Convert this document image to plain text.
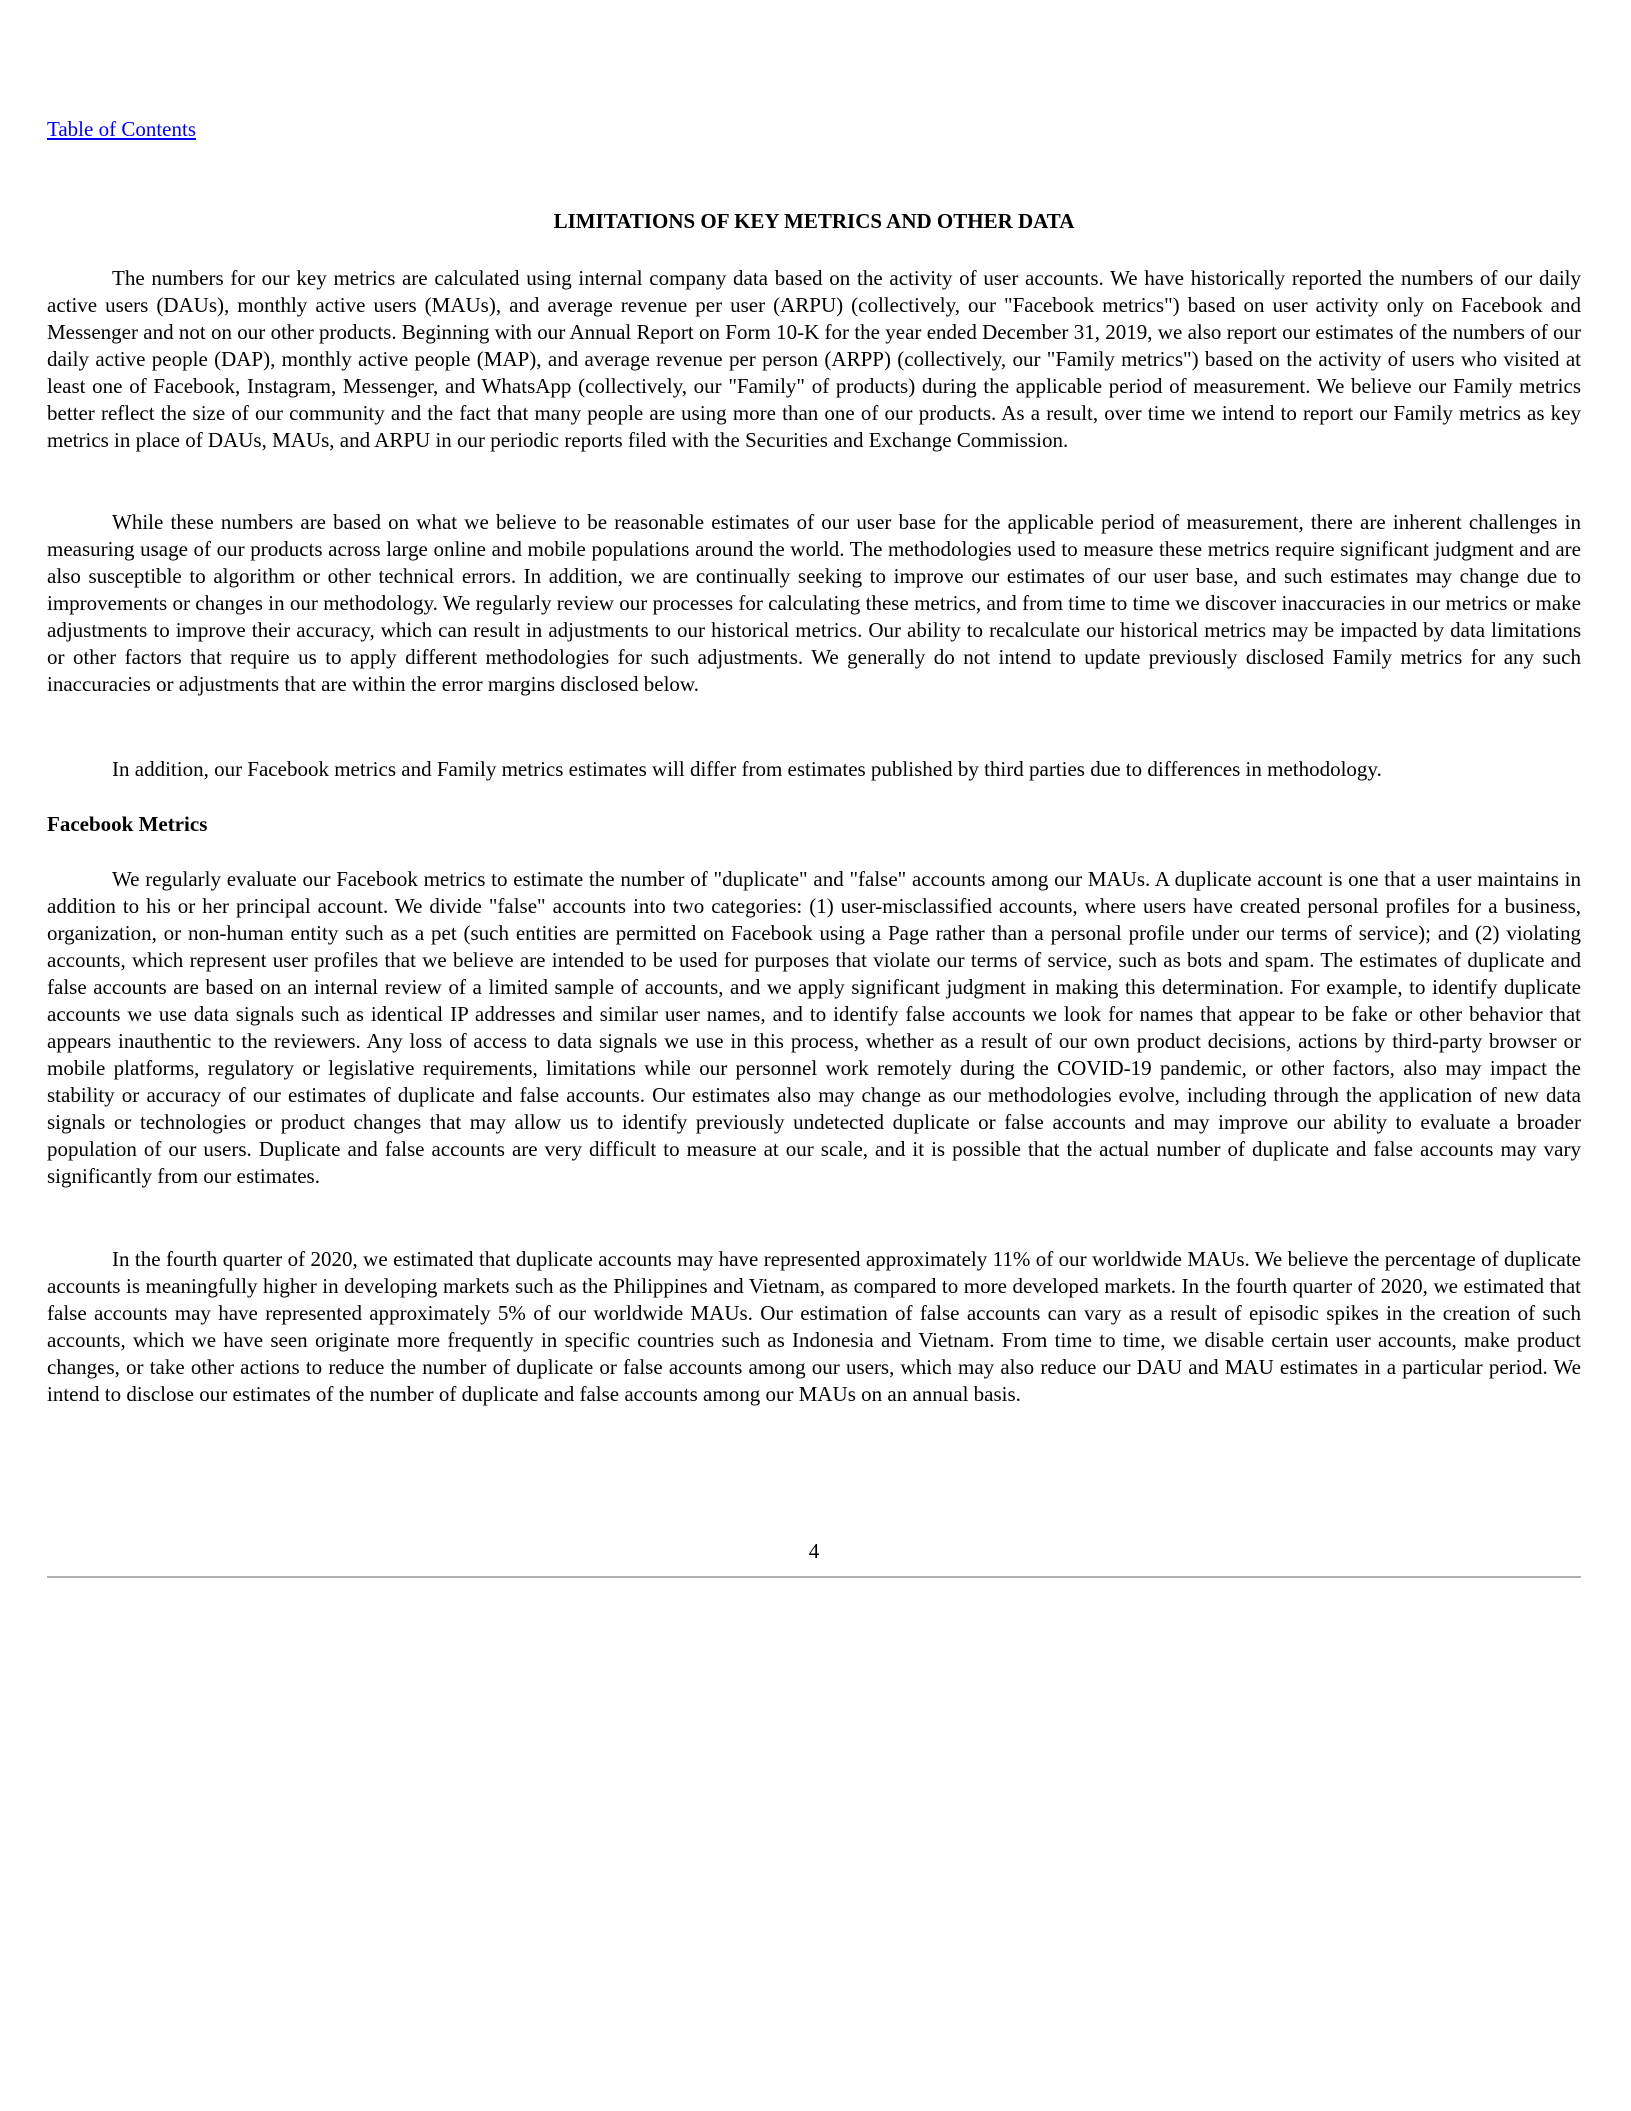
Table of Contents
LIMITATIONS OF KEY METRICS AND OTHER DATA

The numbers for our key metrics are calculated using internal company data based on the activity of user accounts. We have historically reported the numbers of our daily active users (DAUs), monthly active users (MAUs), and average revenue per user (ARPU) (collectively, our "Facebook metrics") based on user activity only on Facebook and Messenger and not on our other products. Beginning with our Annual Report on Form 10-K for the year ended December 31, 2019, we also report our estimates of the numbers of our daily active people (DAP), monthly active people (MAP), and average revenue per person (ARPP) (collectively, our "Family metrics") based on the activity of users who visited at least one of Facebook, Instagram, Messenger, and WhatsApp (collectively, our "Family" of products) during the applicable period of measurement. We believe our Family metrics better reflect the size of our community and the fact that many people are using more than one of our products. As a result, over time we intend to report our Family metrics as key metrics in place of DAUs, MAUs, and ARPU in our periodic reports filed with the Securities and Exchange Commission.

While these numbers are based on what we believe to be reasonable estimates of our user base for the applicable period of measurement, there are inherent challenges in measuring usage of our products across large online and mobile populations around the world. The methodologies used to measure these metrics require significant judgment and are also susceptible to algorithm or other technical errors. In addition, we are continually seeking to improve our estimates of our user base, and such estimates may change due to improvements or changes in our methodology. We regularly review our processes for calculating these metrics, and from time to time we discover inaccuracies in our metrics or make adjustments to improve their accuracy, which can result in adjustments to our historical metrics. Our ability to recalculate our historical metrics may be impacted by data limitations or other factors that require us to apply different methodologies for such adjustments. We generally do not intend to update previously disclosed Family metrics for any such inaccuracies or adjustments that are within the error margins disclosed below.

In addition, our Facebook metrics and Family metrics estimates will differ from estimates published by third parties due to differences in methodology.

Facebook Metrics

We regularly evaluate our Facebook metrics to estimate the number of "duplicate" and "false" accounts among our MAUs. A duplicate account is one that a user maintains in addition to his or her principal account. We divide "false" accounts into two categories: (1) user-misclassified accounts, where users have created personal profiles for a business, organization, or non-human entity such as a pet (such entities are permitted on Facebook using a Page rather than a personal profile under our terms of service); and (2) violating accounts, which represent user profiles that we believe are intended to be used for purposes that violate our terms of service, such as bots and spam. The estimates of duplicate and false accounts are based on an internal review of a limited sample of accounts, and we apply significant judgment in making this determination. For example, to identify duplicate accounts we use data signals such as identical IP addresses and similar user names, and to identify false accounts we look for names that appear to be fake or other behavior that appears inauthentic to the reviewers. Any loss of access to data signals we use in this process, whether as a result of our own product decisions, actions by third-party browser or mobile platforms, regulatory or legislative requirements, limitations while our personnel work remotely during the COVID-19 pandemic, or other factors, also may impact the stability or accuracy of our estimates of duplicate and false accounts. Our estimates also may change as our methodologies evolve, including through the application of new data signals or technologies or product changes that may allow us to identify previously undetected duplicate or false accounts and may improve our ability to evaluate a broader population of our users. Duplicate and false accounts are very difficult to measure at our scale, and it is possible that the actual number of duplicate and false accounts may vary significantly from our estimates.

In the fourth quarter of 2020, we estimated that duplicate accounts may have represented approximately 11% of our worldwide MAUs. We believe the percentage of duplicate accounts is meaningfully higher in developing markets such as the Philippines and Vietnam, as compared to more developed markets. In the fourth quarter of 2020, we estimated that false accounts may have represented approximately 5% of our worldwide MAUs. Our estimation of false accounts can vary as a result of episodic spikes in the creation of such accounts, which we have seen originate more frequently in specific countries such as Indonesia and Vietnam. From time to time, we disable certain user accounts, make product changes, or take other actions to reduce the number of duplicate or false accounts among our users, which may also reduce our DAU and MAU estimates in a particular period. We intend to disclose our estimates of the number of duplicate and false accounts among our MAUs on an annual basis.

4
